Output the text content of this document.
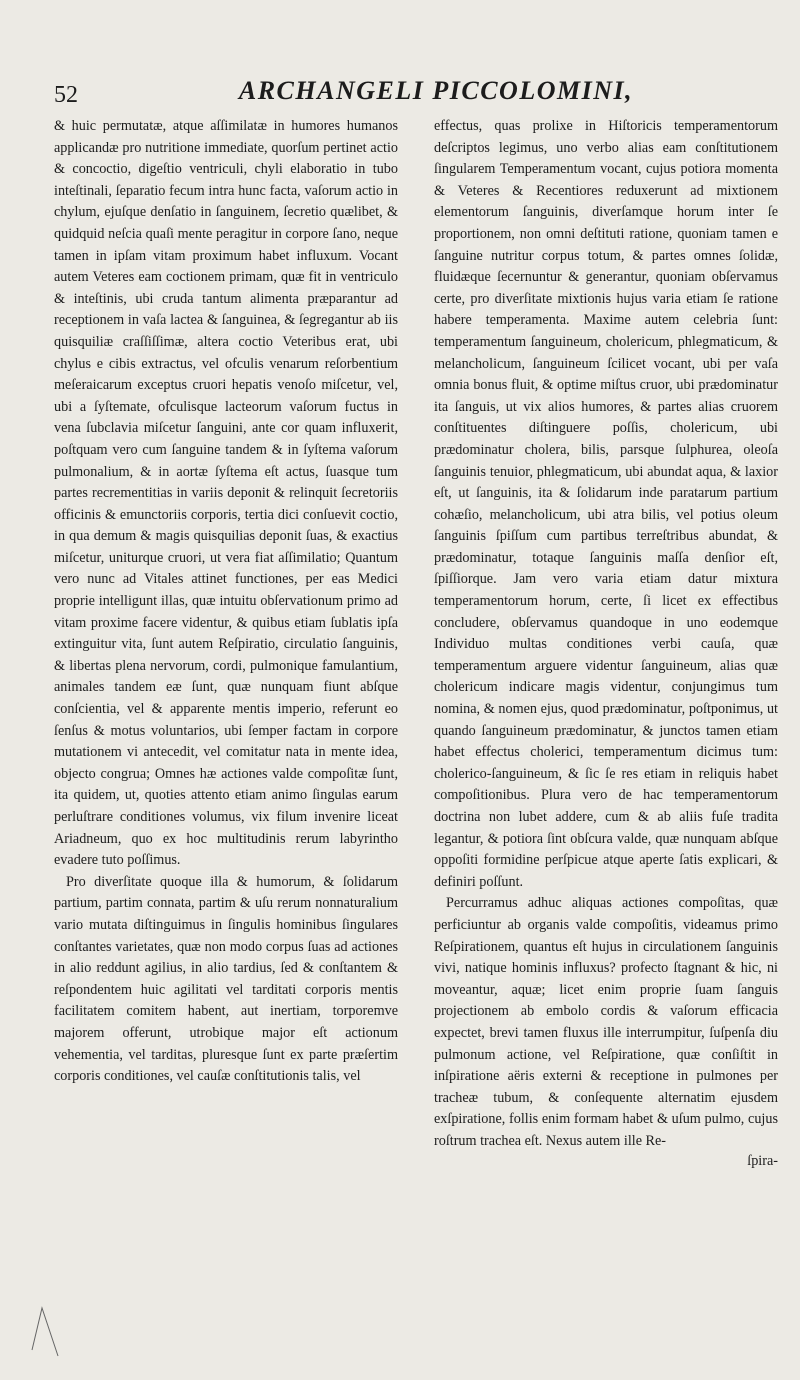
52	ARCHANGELI PICCOLOMINI,

& huic permutatæ, atque aſſimilatæ in humores humanos applicandæ pro nutritione immediate, quorſum pertinet actio & concoctio, digeſtio ventriculi, chyli elaboratio in tubo inteſtinali, ſeparatio fecum intra hunc facta, vaſorum actio in chylum, ejuſque denſatio in ſanguinem, ſecretio quælibet, & quidquid neſcia quaſi mente peragitur in corpore ſano, neque tamen in ipſam vitam proximum habet influxum. Vocant autem Veteres eam coctionem primam, quæ fit in ventriculo & inteſtinis, ubi cruda tantum alimenta præparantur ad receptionem in vaſa lactea & ſanguinea, & ſegregantur ab iis quisquiliæ craſſiſſimæ, altera coctio Veteribus erat, ubi chylus e cibis extractus, vel ofculis venarum reſorbentium meſeraicarum exceptus cruori hepatis venoſo miſcetur, vel, ubi a ſyſtemate, ofculisque lacteorum vaſorum fuctus in vena ſubclavia miſcetur ſanguini, ante cor quam influxerit, poſtquam vero cum ſanguine tandem & in ſyſtema vaſorum pulmonalium, & in aortæ ſyſtema eſt actus, ſuasque tum partes recrementitias in variis deponit & relinquit ſecretoriis officinis & emunctoriis corporis, tertia dici conſuevit coctio, in qua demum & magis quisquilias deponit ſuas, & exactius miſcetur, uniturque cruori, ut vera fiat aſſimilatio; Quantum vero nunc ad Vitales attinet functiones, per eas Medici proprie intelligunt illas, quæ intuitu obſervationum primo ad vitam proxime facere videntur, & quibus etiam ſublatis ipſa extinguitur vita, ſunt autem Reſpiratio, circulatio ſanguinis, & libertas plena nervorum, cordi, pulmonique famulantium, animales tandem eæ ſunt, quæ nunquam fiunt abſque conſcientia, vel & apparente mentis imperio, referunt eo ſenſus & motus voluntarios, ubi ſemper factam in corpore mutationem vi antecedit, vel comitatur nata in mente idea, objecto congrua; Omnes hæ actiones valde compoſitæ ſunt, ita quidem, ut, quoties attento etiam animo ſingulas earum perluſtrare conditiones volumus, vix filum invenire liceat Ariadneum, quo ex hoc multitudinis rerum labyrintho evadere tuto poſſimus.

Pro diverſitate quoque illa & humorum, & ſolidarum partium, partim connata, partim & uſu rerum nonnaturalium vario mutata diſtinguimus in ſingulis hominibus ſingulares conſtantes varietates, quæ non modo corpus ſuas ad actiones in alio reddunt agilius, in alio tardius, ſed & conſtantem & reſpondentem huic agilitati vel tarditati corporis mentis facilitatem comitem habent, aut inertiam, torporemve majorem offerunt, utrobique major eſt actionum vehementia, vel tarditas, pluresque ſunt ex parte præſertim corporis conditiones, vel cauſæ conſtitutionis talis, vel

effectus, quas prolixe in Hiſtoricis temperamentorum deſcriptos legimus, uno verbo alias eam conſtitutionem ſingularem Temperamentum vocant, cujus potiora momenta & Veteres & Recentiores reduxerunt ad mixtionem elementorum ſanguinis, diverſamque horum inter ſe proportionem, non omni deſtituti ratione, quoniam tamen e ſanguine nutritur corpus totum, & partes omnes ſolidæ, fluidæque ſecernuntur & generantur, quoniam obſervamus certe, pro diverſitate mixtionis hujus varia etiam ſe ratione habere temperamenta. Maxime autem celebria ſunt: temperamentum ſanguineum, cholericum, phlegmaticum, & melancholicum, ſanguineum ſcilicet vocant, ubi per vaſa omnia bonus fluit, & optime miſtus cruor, ubi prædominatur ita ſanguis, ut vix alios humores, & partes alias cruorem conſtituentes diſtinguere poſſis, cholericum, ubi prædominatur cholera, bilis, parsque ſulphurea, oleoſa ſanguinis tenuior, phlegmaticum, ubi abundat aqua, & laxior eſt, ut ſanguinis, ita & ſolidarum inde paratarum partium cohæſio, melancholicum, ubi atra bilis, vel potius oleum ſanguinis ſpiſſum cum partibus terreſtribus abundat, & prædominatur, totaque ſanguinis maſſa denſior eſt, ſpiſſiorque. Jam vero varia etiam datur mixtura temperamentorum horum, certe, ſi licet ex effectibus concludere, obſervamus quandoque in uno eodemque Individuo multas conditiones verbi cauſa, quæ temperamentum arguere videntur ſanguineum, alias quæ cholericum indicare magis videntur, conjungimus tum nomina, & nomen ejus, quod prædominatur, poſtponimus, ut quando ſanguineum prædominatur, & junctos tamen etiam habet effectus cholerici, temperamentum dicimus tum: cholerico-ſanguineum, & ſic ſe res etiam in reliquis habet compoſitionibus. Plura vero de hac temperamentorum doctrina non lubet addere, cum & ab aliis fuſe tradita legantur, & potiora ſint obſcura valde, quæ nunquam abſque oppoſiti formidine perſpicue atque aperte ſatis explicari, & definiri poſſunt.

Percurramus adhuc aliquas actiones compoſitas, quæ perficiuntur ab organis valde compoſitis, videamus primo Reſpirationem, quantus eſt hujus in circulationem ſanguinis vivi, natique hominis influxus? profecto ſtagnant & hic, ni moveantur, aquæ; licet enim proprie ſuam ſanguis projectionem ab embolo cordis & vaſorum efficacia expectet, brevi tamen fluxus ille interrumpitur, ſuſpenſa diu pulmonum actione, vel Reſpiratione, quæ conſiſtit in inſpiratione aëris externi & receptione in pulmones per tracheæ tubum, & conſequente alternatim ejusdem exſpiratione, follis enim formam habet & uſum pulmo, cujus roſtrum trachea eſt. Nexus autem ille Re-

ſpira-
